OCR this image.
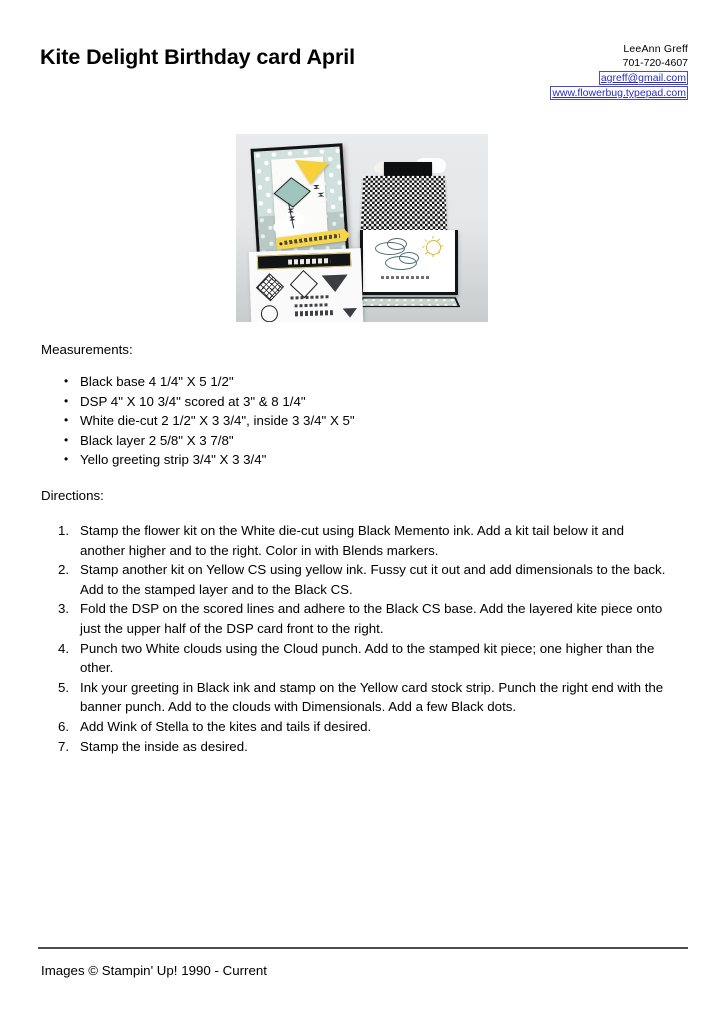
Kite Delight Birthday card April	LeeAnn Greff
701-720-4607
agreff@gmail.com
www.flowerbug.typepad.com
Measurements:
• Black base 4 1/4" X 5 1/2"
• DSP 4" X 10 3/4" scored at 3" & 8 1/4"
• White die-cut 2 1/2" X 3 3/4", inside 3 3/4" X 5"
• Black layer 2 5/8" X 3 7/8"
• Yello greeting strip 3/4" X 3 3/4"
Directions:
Stamp the flower kit on the White die-cut using Black Memento ink. Add a kit tail below it and another higher and to the right. Color in with Blends markers.
Stamp another kit on Yellow CS using yellow ink. Fussy cut it out and add dimensionals to the back. Add to the stamped layer and to the Black CS.
Fold the DSP on the scored lines and adhere to the Black CS base. Add the layered kite piece onto just the upper half of the DSP card front to the right.
Punch two White clouds using the Cloud punch. Add to the stamped kit piece; one higher than the other.
Ink your greeting in Black ink and stamp on the Yellow card stock strip. Punch the right end with the banner punch. Add to the clouds with Dimensionals. Add a few Black dots.
Add Wink of Stella to the kites and tails if desired.
Stamp the inside as desired.
Images © Stampin' Up! 1990 - Current
